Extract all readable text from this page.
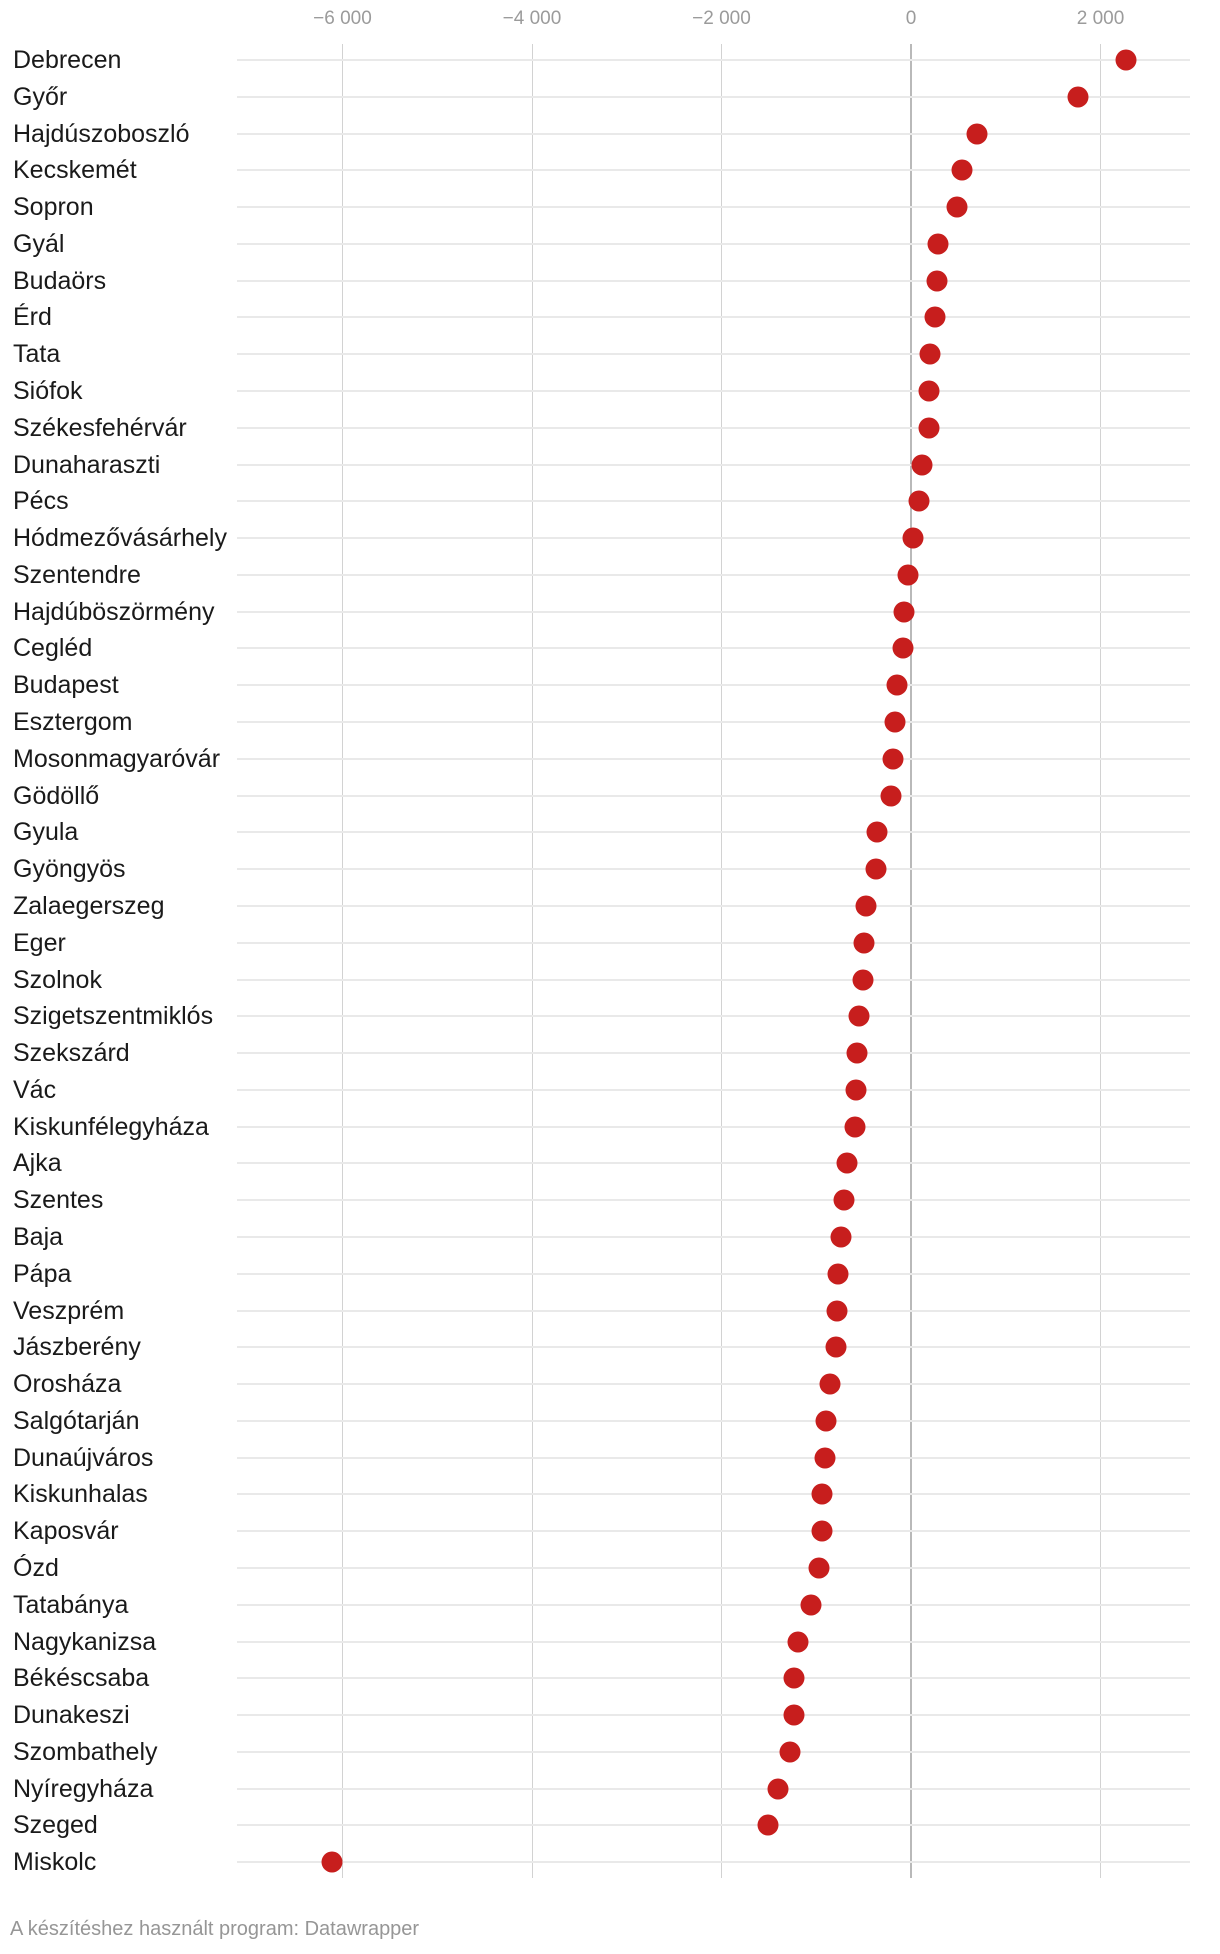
−6 000	−4 000	−2 000	0	2 000
Debrecen
Győr
Hajdúszoboszló
Kecskemét
Sopron
Gyál
Budaörs
Érd
Tata
Siófok
Székesfehérvár
Dunaharaszti
Pécs
Hódmezővásárhely
Szentendre
Hajdúböszörmény
Cegléd
Budapest
Esztergom
Mosonmagyaróvár
Gödöllő
Gyula
Gyöngyös
Zalaegerszeg
Eger
Szolnok
Szigetszentmiklós
Szekszárd
Vác
Kiskunfélegyháza
Ajka
Szentes
Baja
Pápa
Veszprém
Jászberény
Orosháza
Salgótarján
Dunaújváros
Kiskunhalas
Kaposvár
Ózd
Tatabánya
Nagykanizsa
Békéscsaba
Dunakeszi
Szombathely
Nyíregyháza
Szeged
Miskolc
A készítéshez használt program: Datawrapper
